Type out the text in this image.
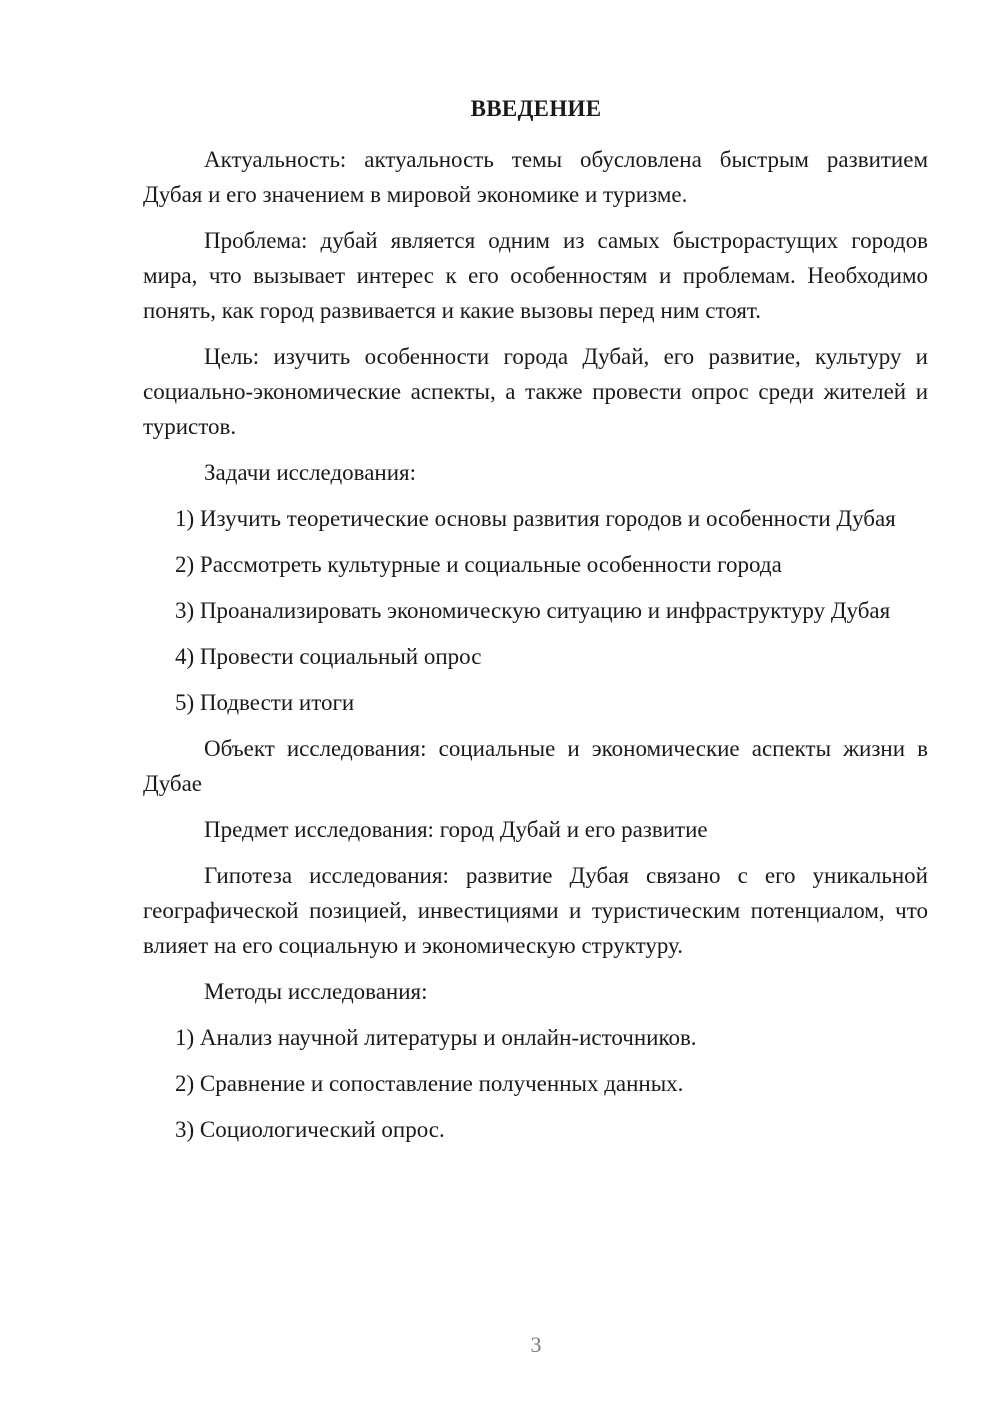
ВВЕДЕНИЕ

Актуальность: актуальность темы обусловлена быстрым развитием Дубая и его значением в мировой экономике и туризме.

Проблема: дубай является одним из самых быстрорастущих городов мира, что вызывает интерес к его особенностям и проблемам. Необходимо понять, как город развивается и какие вызовы перед ним стоят.

Цель: изучить особенности города Дубай, его развитие, культуру и социально-экономические аспекты, а также провести опрос среди жителей и туристов.

Задачи исследования:

1) Изучить теоретические основы развития городов и особенности Дубая

2) Рассмотреть культурные и социальные особенности города

3) Проанализировать экономическую ситуацию и инфраструктуру Дубая

4) Провести социальный опрос

5) Подвести итоги

Объект исследования: социальные и экономические аспекты жизни в Дубае

Предмет исследования: город Дубай и его развитие

Гипотеза исследования: развитие Дубая связано с его уникальной географической позицией, инвестициями и туристическим потенциалом, что влияет на его социальную и экономическую структуру.

Методы исследования:

1) Анализ научной литературы и онлайн-источников.

2) Сравнение и сопоставление полученных данных.

3) Социологический опрос.

3
